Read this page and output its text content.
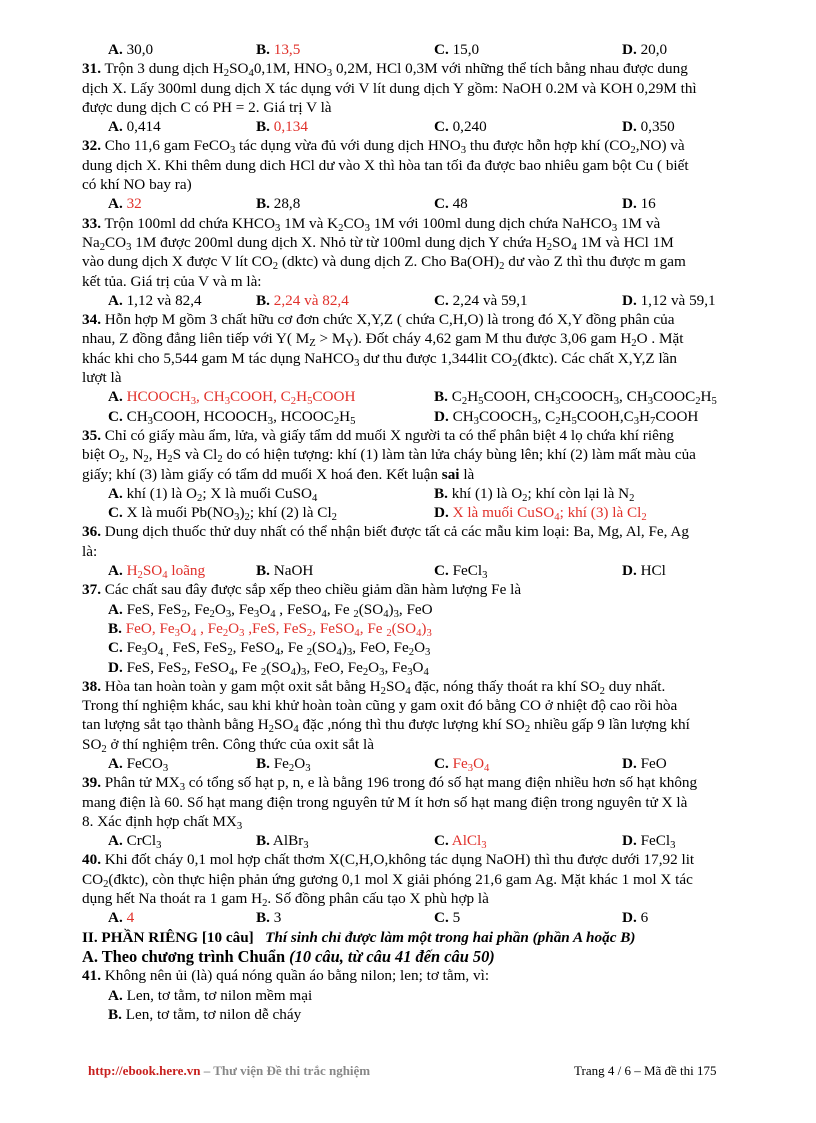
A. 30,0	B. 13,5	C. 15,0	D. 20,0
31. Trộn 3 dung dịch $H_2SO_40,1M$, $HNO_3$ 0,2M, HCl 0,3M với những thể tích bằng nhau được dung
dịch X. Lấy 300ml dung dịch X tác dụng với V lít dung dịch Y gồm: NaOH 0.2M và KOH 0,29M thì
được dung dịch C có PH = 2. Giá trị V là
A. 0,414	B. 0,134	C. 0,240	D. 0,350
32. Cho 11,6 gam FeCO$_3$ tác dụng vừa đủ với dung dịch $HNO_3$ thu được hỗn hợp khí $(CO_2,NO)$ và
dung dịch X. Khi thêm dung dich HCl dư vào X thì hòa tan tối đa được bao nhiêu gam bột Cu ( biết
có khí NO bay ra)
A. 32	B. 28,8	C. 48	D. 16
33. Trộn 100ml dd chứa $KHCO_3$ 1M và $K_2CO_3$ 1M với 100ml dung dịch chứa NaHCO$_3$ 1M và
$Na_2CO_3$ 1M được 200ml dung dịch X. Nhỏ từ từ 100ml dung dịch Y chứa $H_2SO_4$ 1M và HCl 1M
vào dung dịch X được V lít $CO_2$ (dktc) và dung dịch Z. Cho $Ba(OH)_2$ dư vào Z thì thu được m gam
kết tủa. Giá trị của V và m là:
A. 1,12 và 82,4	B. 2,24 và 82,4	C. 2,24 và 59,1	D. 1,12 và 59,1
34. Hỗn hợp M gồm 3 chất hữu cơ đơn chức X,Y,Z ( chứa C,H,O) là trong đó X,Y đồng phân của
nhau, Z đồng đẳng liên tiếp với Y( $M_Z > M_Y$). Đốt cháy 4,62 gam M thu được 3,06 gam $H_2O$ . Mặt
khác khi cho 5,544 gam M tác dụng NaHCO$_3$ dư thu được 1,344lit $CO_2(đktc)$. Các chất X,Y,Z lần
lượt là
A. $HCOOCH_3$, $CH_3COOH$, $C_2H_5COOH$	B. $C_2H_5COOH$, $CH_3COOCH_3$, $CH_3COOC_2H_5$
C. $CH_3COOH$, $HCOOCH_3$, $HCOOC_2H_5$	D. $CH_3COOCH_3$, $C_2H_5COOH,C_3H_7COOH$
35. Chỉ có giấy màu ẩm, lửa, và giấy tẩm dd muối X người ta có thể phân biệt 4 lọ chứa khí riêng
biệt $O_2$, $N_2$, $H_2S$ và $Cl_2$ do có hiện tượng: khí (1) làm tàn lửa cháy bùng lên; khí (2) làm mất màu của
giấy; khí (3) làm giấy có tẩm dd muối X hoá đen. Kết luận sai là
A. khí (1) là $O_2$; X là muối CuSO$_4$	B. khí (1) là $O_2$; khí còn lại là $N_2$
C. X là muối $Pb(NO_3)_2$; khí (2) là $Cl_2$	D. X là muối CuSO$_4$; khí (3) là $Cl_2$
36. Dung dịch thuốc thử duy nhất có thể nhận biết được tất cả các mẫu kim loại: Ba, Mg, Al, Fe, Ag
là:
A. $H_2SO_4$ loãng	B. NaOH	C. FeCl$_3$	D. HCl
37. Các chất sau đây được sắp xếp theo chiều giảm dần hàm lượng Fe là
A. FeS, FeS$_2$, $Fe_2O_3$, $Fe_3O_4$ , FeSO$_4$, Fe $_2(SO_4)_3$, FeO
B. FeO, $Fe_3O_4$ , $Fe_2O_3$ ,FeS, FeS$_2$, FeSO$_4$, Fe $_2(SO_4)_3$
C. $Fe_3O_{4 ,}$ FeS, FeS$_2$, FeSO$_4$, Fe $_2(SO_4)_3$, FeO, $Fe_2O_3$
D. FeS, FeS$_2$, FeSO$_4$, Fe $_2(SO_4)_3$, FeO, $Fe_2O_3$, $Fe_3O_4$
38. Hòa tan hoàn toàn y gam một oxit sắt bằng $H_2SO_4$ đặc, nóng thấy thoát ra khí $SO_2$ duy nhất.
Trong thí nghiệm khác, sau khi khử hoàn toàn cũng y gam oxit đó bằng CO ở nhiệt độ cao rồi hòa
tan lượng sắt tạo thành bằng $H_2SO_4$ đặc ,nóng thì thu được lượng khí $SO_2$ nhiều gấp 9 lần lượng khí
$SO_2$ ở thí nghiệm trên. Công thức của oxit sắt là
A. FeCO$_3$	B. $Fe_2O_3$	C. $Fe_3O_4$	D. FeO
39. Phân tử $MX_3$ có tổng số hạt p, n, e là bằng 196 trong đó số hạt mang điện nhiều hơn số hạt không
mang điện là 60. Số hạt mang điện trong nguyên tử M ít hơn số hạt mang điện trong nguyên tử X là
8. Xác định hợp chất $MX_3$
A. CrCl$_3$	B. AlBr$_3$	C. AlCl$_3$	D. FeCl$_3$
40. Khi đốt cháy 0,1 mol hợp chất thơm X(C,H,O,không tác dụng NaOH) thì thu được dưới 17,92 lit
$CO_2(đktc)$, còn thực hiện phản ứng gương 0,1 mol X giải phóng 21,6 gam Ag. Mặt khác 1 mol X tác
dụng hết Na thoát ra 1 gam $H_2$. Số đồng phân cấu tạo X phù hợp là
A. 4	B. 3	C. 5	D. 6
II. PHẦN RIÊNG [10 câu] Thí sinh chỉ được làm một trong hai phần (phần A hoặc B)
A. Theo chương trình Chuẩn (10 câu, từ câu 41 đến câu 50)
41. Không nên ủi (là) quá nóng quần áo bằng nilon; len; tơ tằm, vì:
A. Len, tơ tằm, tơ nilon mềm mại
B. Len, tơ tằm, tơ nilon dễ cháy
http://ebook.here.vn – Thư viện Đề thi trắc nghiệm	Trang 4 / 6 – Mã đề thi 175
